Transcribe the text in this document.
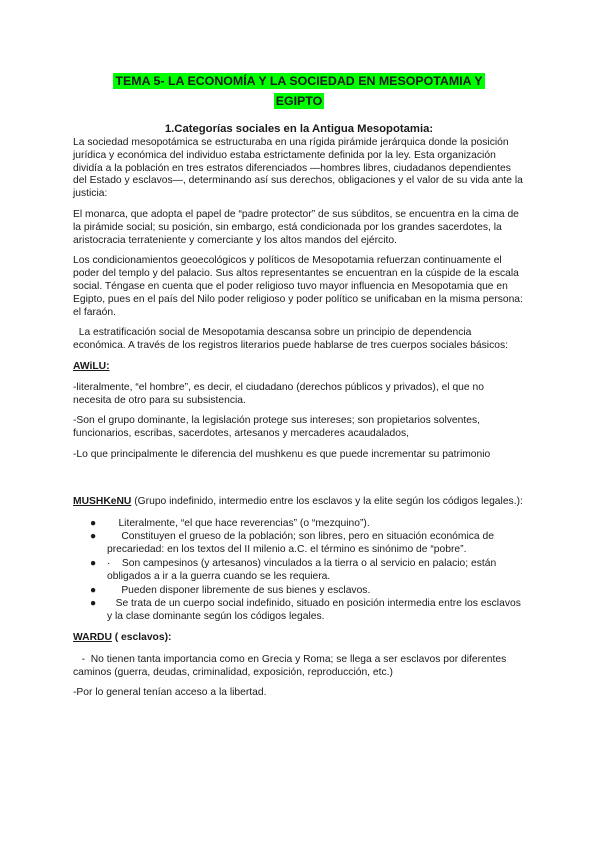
TEMA 5- LA ECONOMÍA Y LA SOCIEDAD EN MESOPOTAMIA Y
EGIPTO
1.Categorías sociales en la Antigua Mesopotamia:

La sociedad mesopotámica se estructuraba en una rígida pirámide jerárquica donde la posición jurídica y económica del individuo estaba estrictamente definida por la ley. Esta organización dividía a la población en tres estratos diferenciados —hombres libres, ciudadanos dependientes del Estado y esclavos—, determinando así sus derechos, obligaciones y el valor de su vida ante la justicia:

El monarca, que adopta el papel de “padre protector” de sus súbditos, se encuentra en la cima de la pirámide social; su posición, sin embargo, está condicionada por los grandes sacerdotes, la aristocracia terrateniente y comerciante y los altos mandos del ejército.

Los condicionamientos geoecológicos y políticos de Mesopotamia refuerzan continuamente el poder del templo y del palacio. Sus altos representantes se encuentran en la cúspide de la escala social. Téngase en cuenta que el poder religioso tuvo mayor influencia en Mesopotamia que en Egipto, pues en el país del Nilo poder religioso y poder político se unificaban en la misma persona: el faraón.

La estratificación social de Mesopotamia descansa sobre un principio de dependencia económica. A través de los registros literarios puede hablarse de tres cuerpos sociales básicos:

AWiLU:

-literalmente, “el hombre”, es decir, el ciudadano (derechos públicos y privados), el que no necesita de otro para su subsistencia.

-Son el grupo dominante, la legislación protege sus intereses; son propietarios solventes, funcionarios, escribas, sacerdotes, artesanos y mercaderes acaudalados,

-Lo que principalmente le diferencia del mushkenu es que puede incrementar su patrimonio

MUSHKeNU (Grupo indefinido, intermedio entre los esclavos y la elite según los códigos legales.):

● Literalmente, “el que hace reverencias” (o “mezquino”).
● Constituyen el grueso de la población; son libres, pero en situación económica de precariedad: en los textos del II milenio a.C. el término es sinónimo de “pobre”.
● ·    Son campesinos (y artesanos) vinculados a la tierra o al servicio en palacio; están obligados a ir a la guerra cuando se les requiera.
● Pueden disponer libremente de sus bienes y esclavos.
● Se trata de un cuerpo social indefinido, situado en posición intermedia entre los esclavos y la clase dominante según los códigos legales.

WARDU ( esclavos):

-  No tienen tanta importancia como en Grecia y Roma; se llega a ser esclavos por diferentes caminos (guerra, deudas, criminalidad, exposición, reproducción, etc.)

-Por lo general tenían acceso a la libertad.
